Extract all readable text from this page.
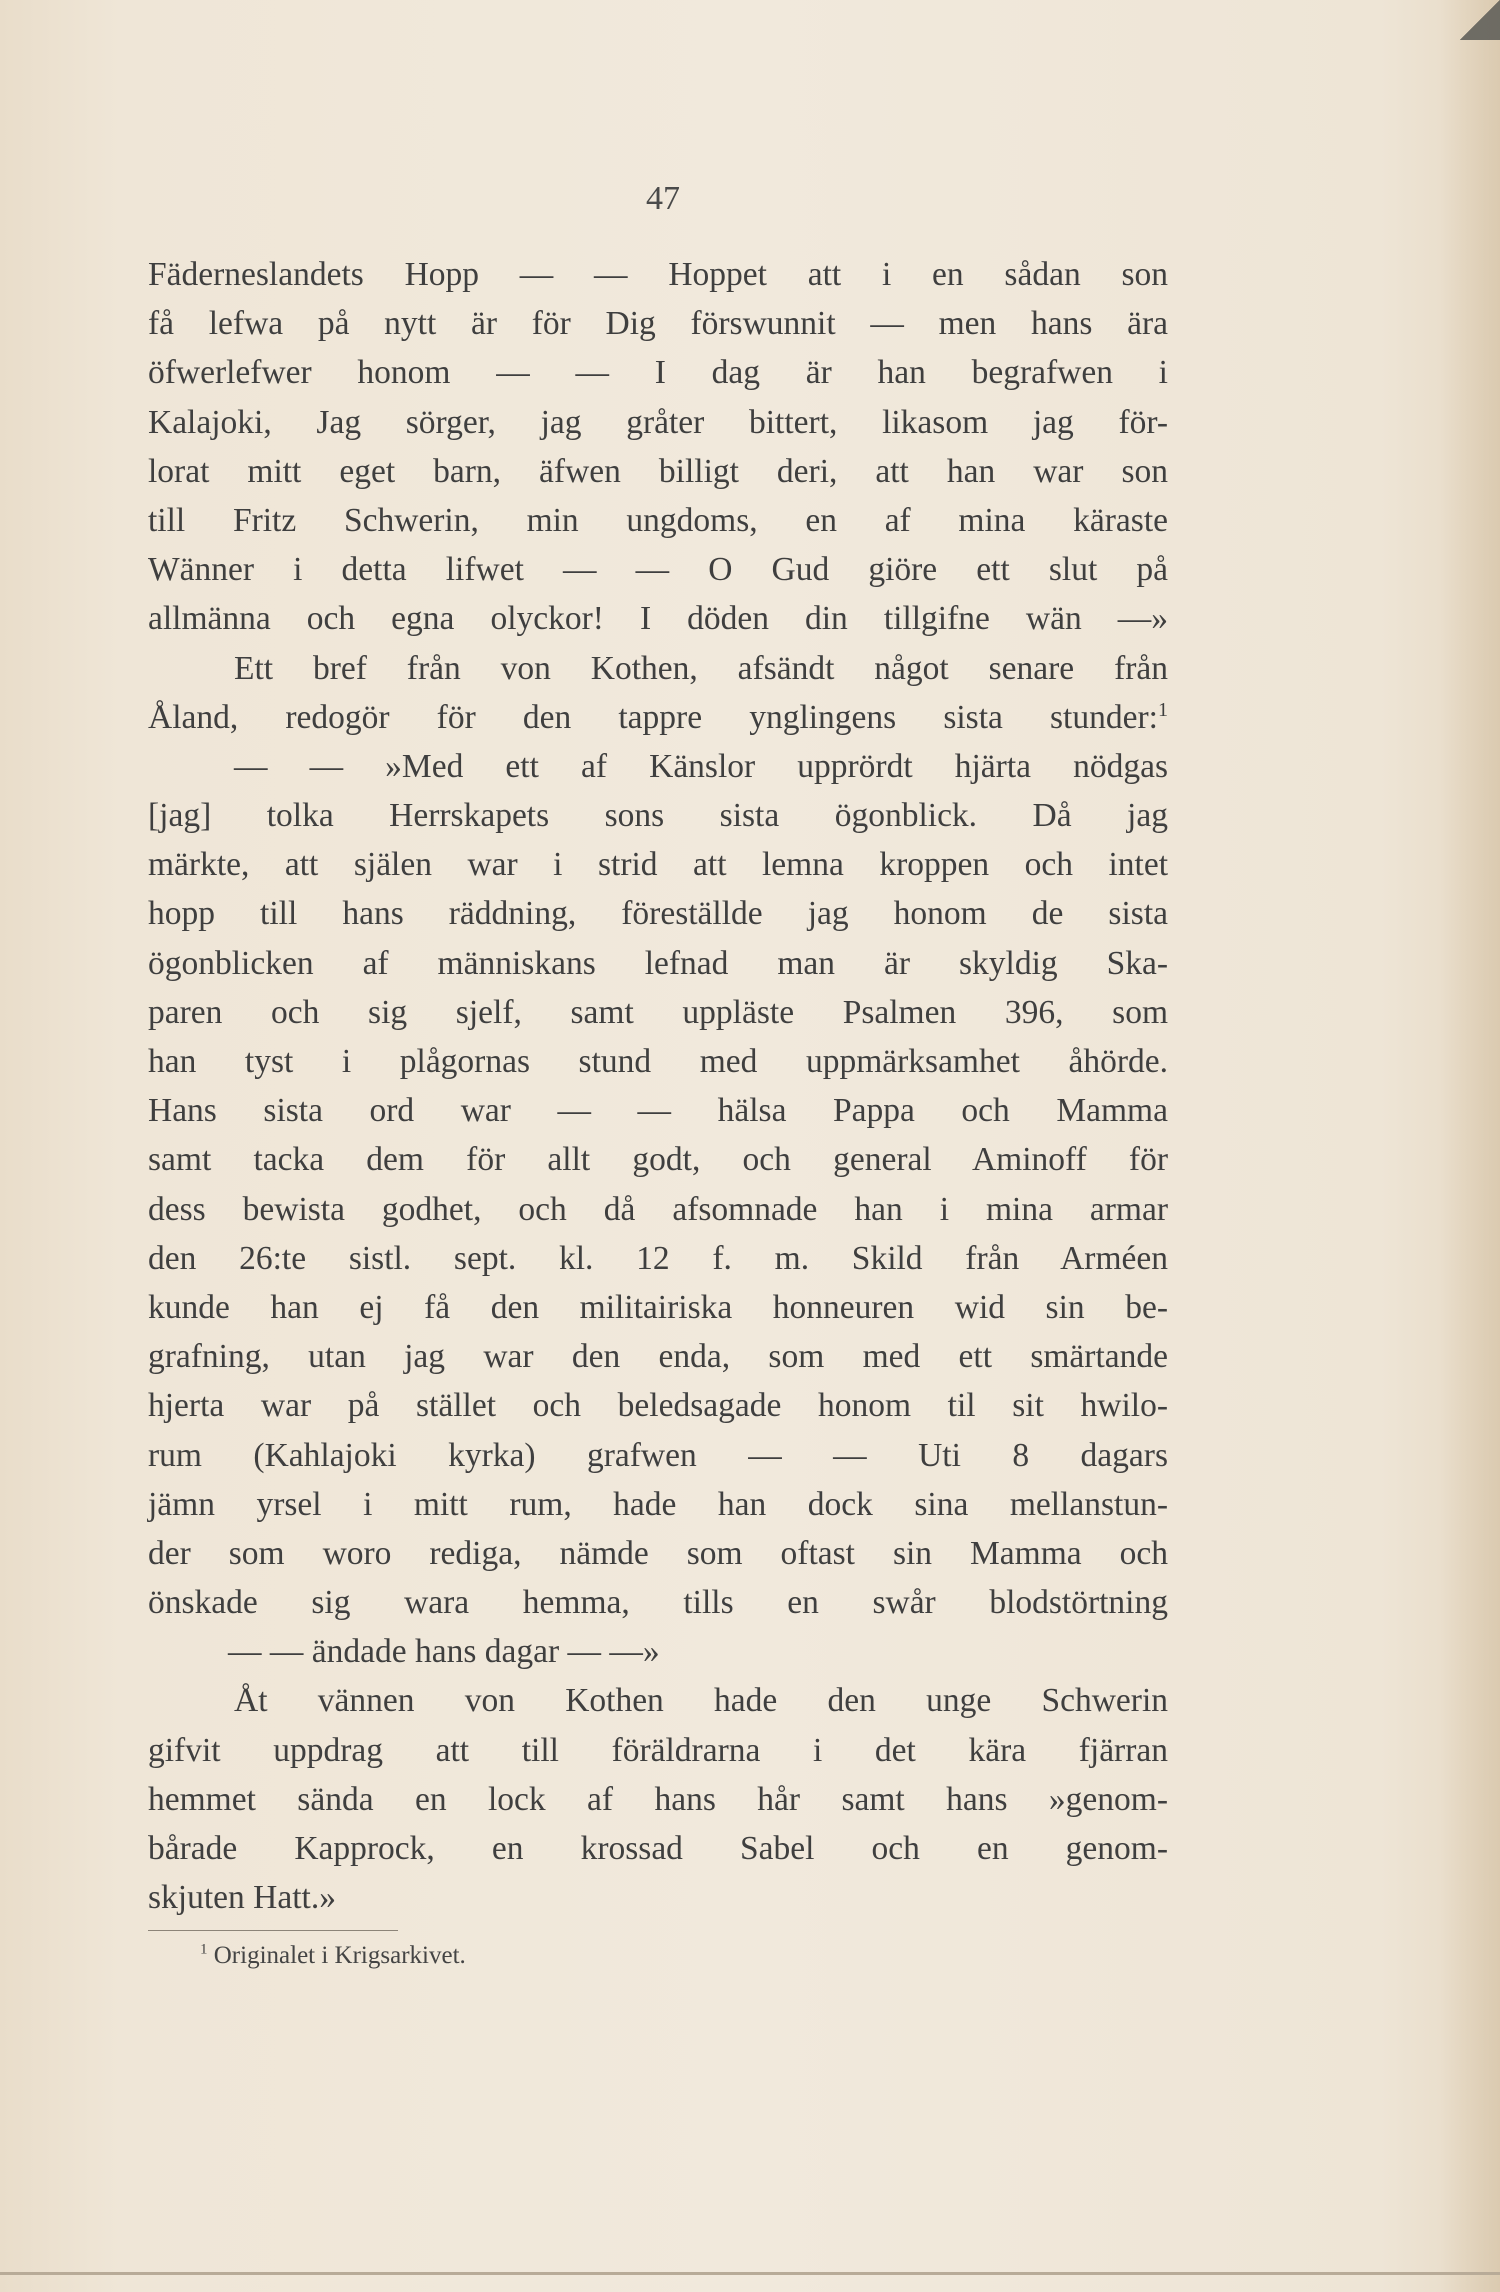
47
Fäderneslandets Hopp — — Hoppet att i en sådan son
få lefwa på nytt är för Dig förswunnit — men hans ära
öfwerlefwer honom — — I dag är han begrafwen i
Kalajoki, Jag sörger, jag gråter bittert, likasom jag för-
lorat mitt eget barn, äfwen billigt deri, att han war son
till Fritz Schwerin, min ungdoms, en af mina käraste
Wänner i detta lifwet — — O Gud giöre ett slut på
allmänna och egna olyckor! I döden din tillgifne wän —»
Ett bref från von Kothen, afsändt något senare från
Åland, redogör för den tappre ynglingens sista stunder:$^1$
— — »Med ett af Känslor upprördt hjärta nödgas
[jag] tolka Herrskapets sons sista ögonblick. Då jag
märkte, att själen war i strid att lemna kroppen och intet
hopp till hans räddning, föreställde jag honom de sista
ögonblicken af människans lefnad man är skyldig Ska-
paren och sig sjelf, samt uppläste Psalmen 396, som
han tyst i plågornas stund med uppmärksamhet åhörde.
Hans sista ord war — — hälsa Pappa och Mamma
samt tacka dem för allt godt, och general Aminoff för
dess bewista godhet, och då afsomnade han i mina armar
den 26:te sistl. sept. kl. 12 f. m. Skild från Arméen
kunde han ej få den militairiska honneuren wid sin be-
grafning, utan jag war den enda, som med ett smärtande
hjerta war på stället och beledsagade honom til sit hwilo-
rum (Kahlajoki kyrka) grafwen — — Uti 8 dagars
jämn yrsel i mitt rum, hade han dock sina mellanstun-
der som woro rediga, nämde som oftast sin Mamma och
önskade sig wara hemma, tills en swår blodstörtning
— — ändade hans dagar — —»
Åt vännen von Kothen hade den unge Schwerin
gifvit uppdrag att till föräldrarna i det kära fjärran
hemmet sända en lock af hans hår samt hans »genom-
bårade Kapprock, en krossad Sabel och en genom-
skjuten Hatt.»
$^1$ Originalet i Krigsarkivet.
